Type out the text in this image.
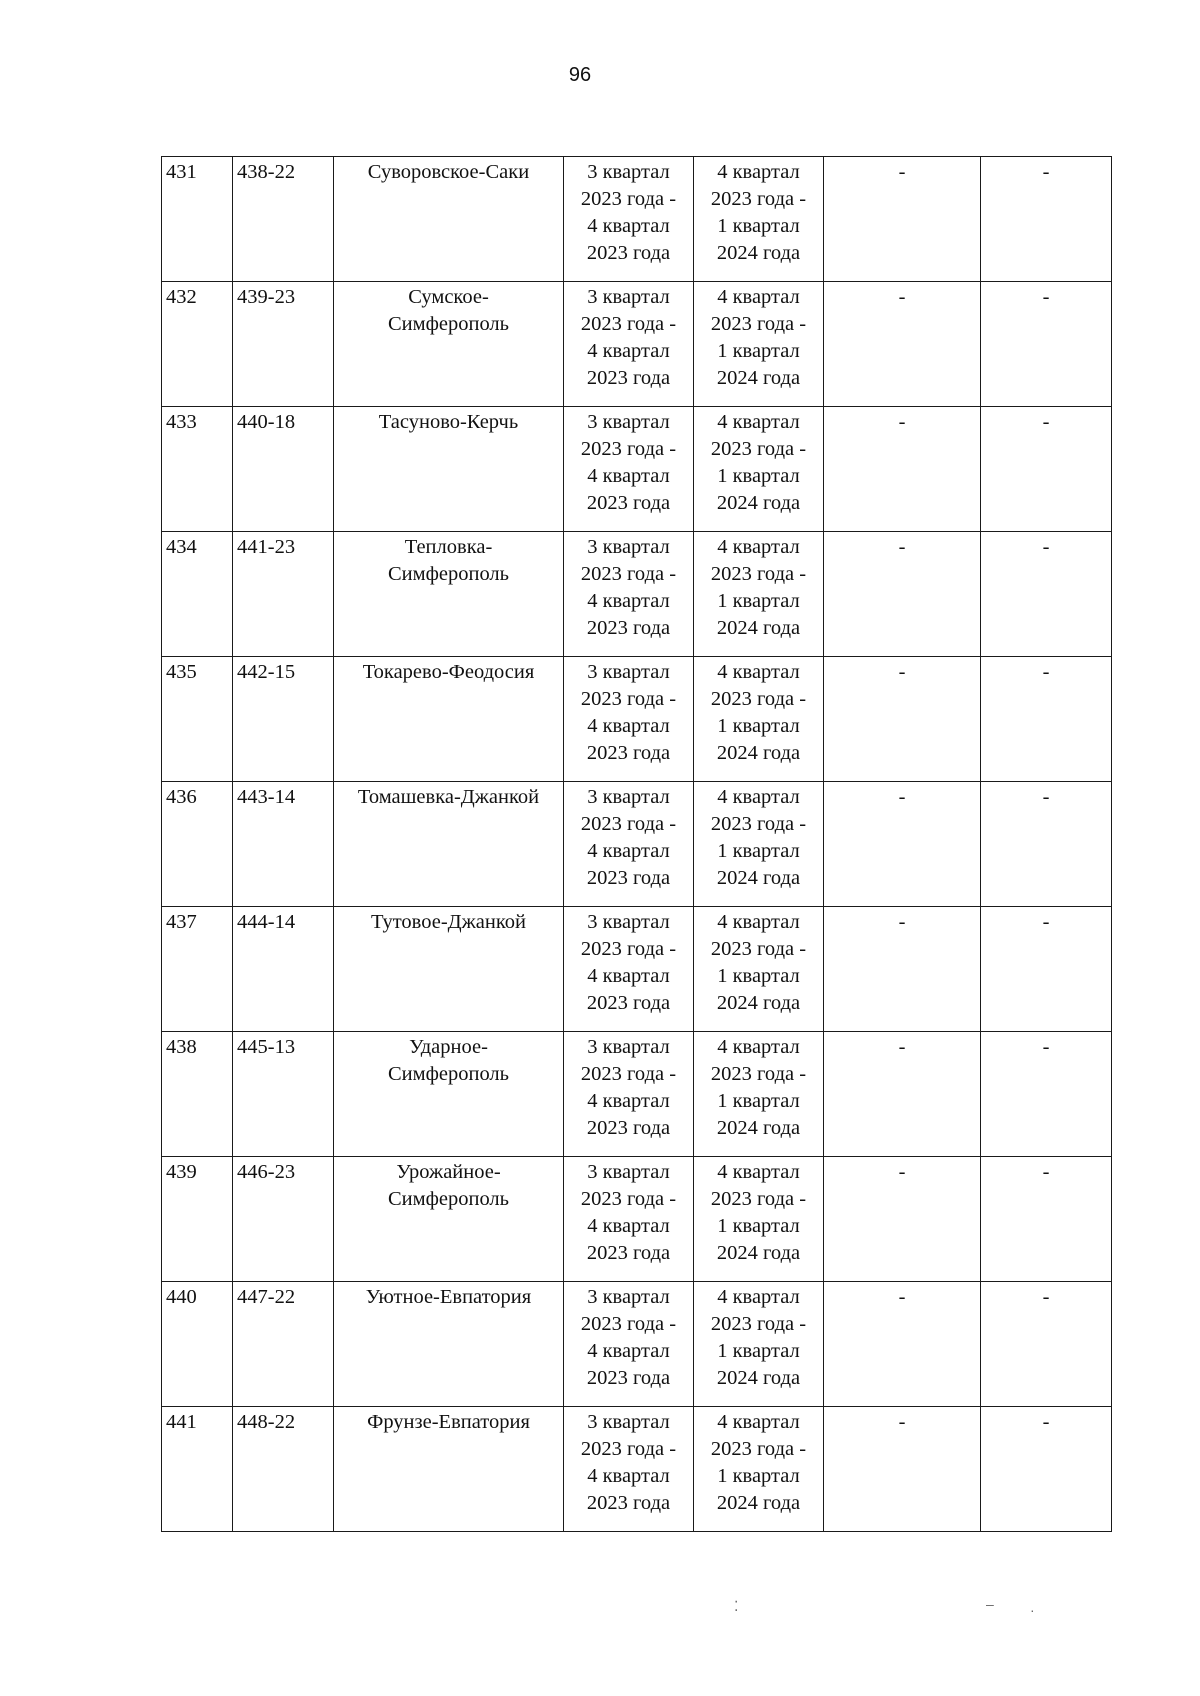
96
431	438-22	Суворовское-Саки	3 квартал
2023 года -
4 квартал
2023 года	4 квартал
2023 года -
1 квартал
2024 года	-	-
432	439-23	Сумское-
Симферополь	3 квартал
2023 года -
4 квартал
2023 года	4 квартал
2023 года -
1 квартал
2024 года	-	-
433	440-18	Тасуново-Керчь	3 квартал
2023 года -
4 квартал
2023 года	4 квартал
2023 года -
1 квартал
2024 года	-	-
434	441-23	Тепловка-
Симферополь	3 квартал
2023 года -
4 квартал
2023 года	4 квартал
2023 года -
1 квартал
2024 года	-	-
435	442-15	Токарево-Феодосия	3 квартал
2023 года -
4 квартал
2023 года	4 квартал
2023 года -
1 квартал
2024 года	-	-
436	443-14	Томашевка-Джанкой	3 квартал
2023 года -
4 квартал
2023 года	4 квартал
2023 года -
1 квартал
2024 года	-	-
437	444-14	Тутовое-Джанкой	3 квартал
2023 года -
4 квартал
2023 года	4 квартал
2023 года -
1 квартал
2024 года	-	-
438	445-13	Ударное-
Симферополь	3 квартал
2023 года -
4 квартал
2023 года	4 квартал
2023 года -
1 квартал
2024 года	-	-
439	446-23	Урожайное-
Симферополь	3 квартал
2023 года -
4 квартал
2023 года	4 квартал
2023 года -
1 квартал
2024 года	-	-
440	447-22	Уютное-Евпатория	3 квартал
2023 года -
4 квартал
2023 года	4 квартал
2023 года -
1 квартал
2024 года	-	-
441	448-22	Фрунзе-Евпатория	3 квартал
2023 года -
4 квартал
2023 года	4 квартал
2023 года -
1 квартал
2024 года	-	-
⁚	–	·
